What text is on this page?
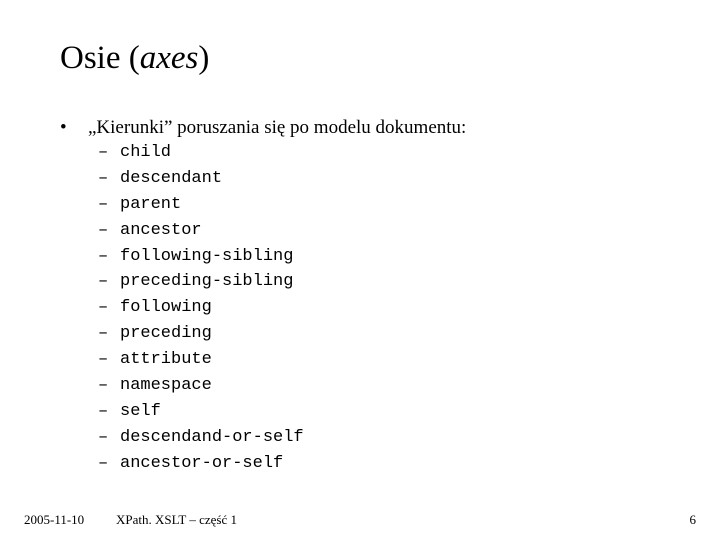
Osie (axes)
• „Kierunki” poruszania się po modelu dokumentu:
– child
– descendant
– parent
– ancestor
– following-sibling
– preceding-sibling
– following
– preceding
– attribute
– namespace
– self
– descendand-or-self
– ancestor-or-self
2005-11-10 XPath. XSLT – część 1	6
